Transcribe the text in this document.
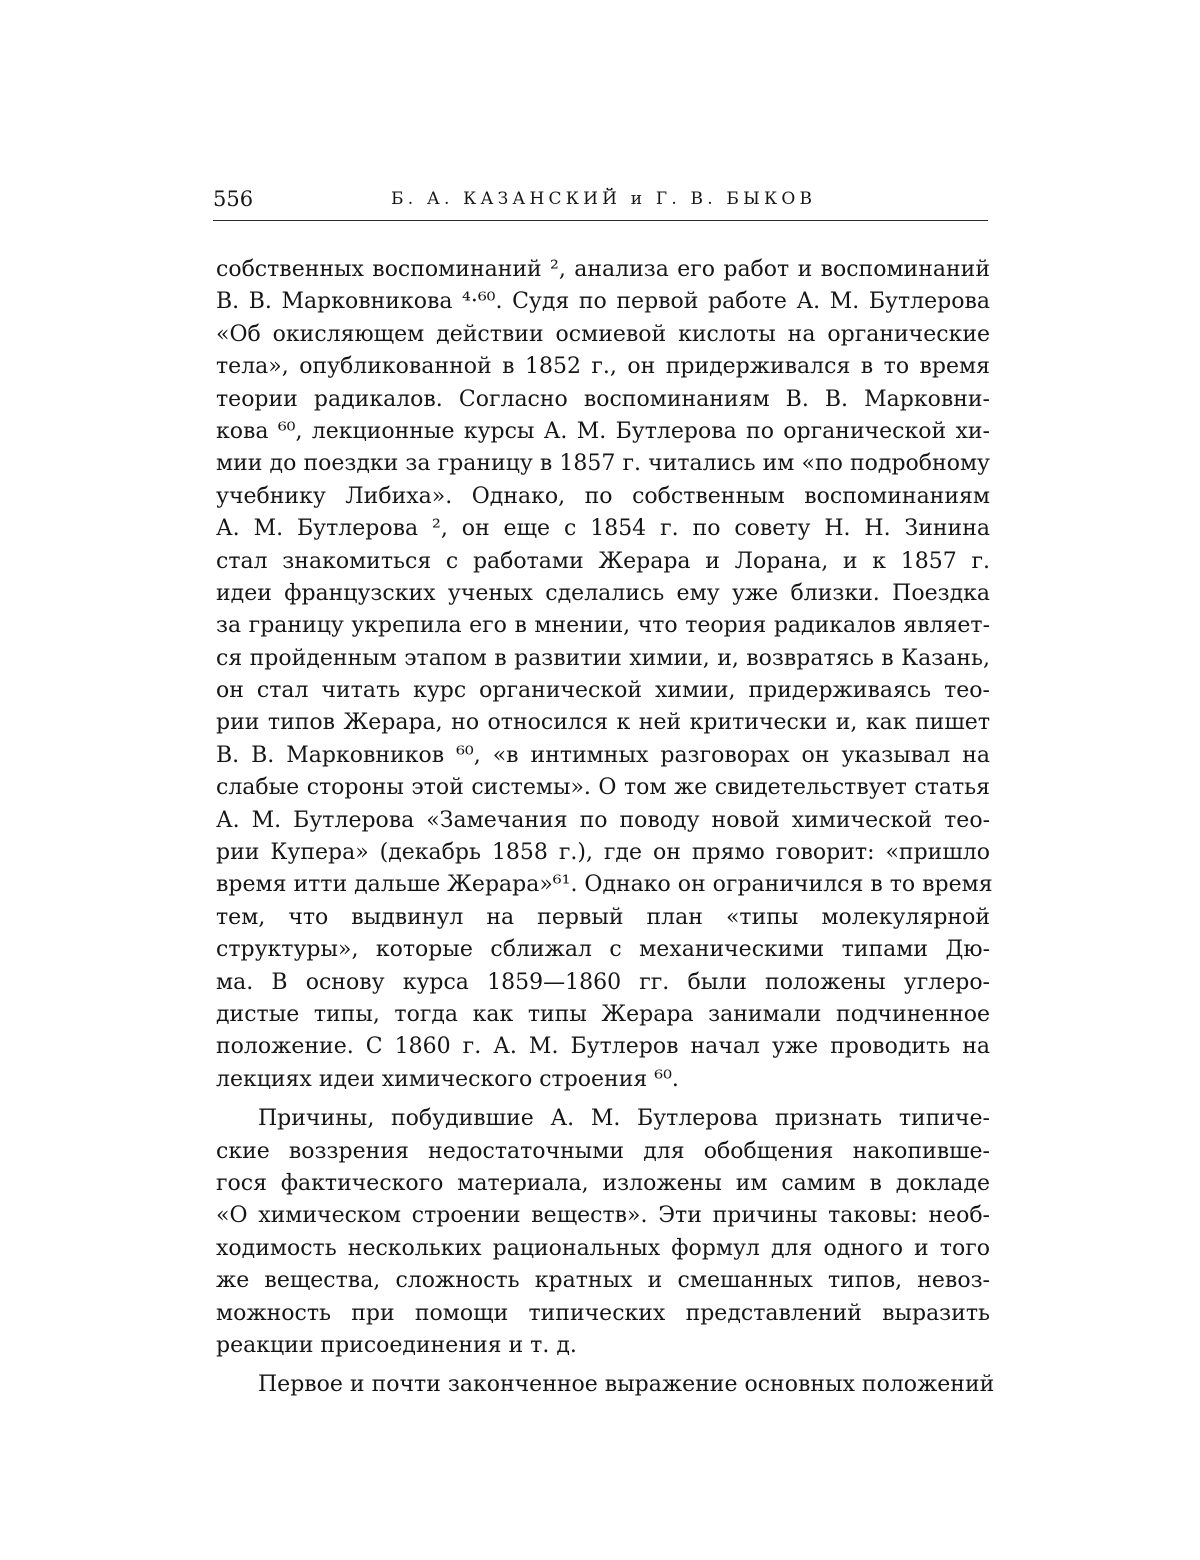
556	Б. А. КАЗАНСКИЙ и Г. В. БЫКОВ
собственных воспоминаний ², анализа его работ и воспоминаний
В. В. Марковникова ⁴·⁶⁰. Судя по первой работе А. М. Бутлерова
«Об окисляющем действии осмиевой кислоты на органические
тела», опубликованной в 1852 г., он придерживался в то время
теории радикалов. Согласно воспоминаниям В. В. Марковни-
кова ⁶⁰, лекционные курсы А. М. Бутлерова по органической хи-
мии до поездки за границу в 1857 г. читались им «по подробному
учебнику Либиха». Однако, по собственным воспоминаниям
А. М. Бутлерова ², он еще с 1854 г. по совету Н. Н. Зинина
стал знакомиться с работами Жерара и Лорана, и к 1857 г.
идеи французских ученых сделались ему уже близки. Поездка
за границу укрепила его в мнении, что теория радикалов являет-
ся пройденным этапом в развитии химии, и, возвратясь в Казань,
он стал читать курс органической химии, придерживаясь тео-
рии типов Жерара, но относился к ней критически и, как пишет
В. В. Марковников ⁶⁰, «в интимных разговорах он указывал на
слабые стороны этой системы». О том же свидетельствует статья
А. М. Бутлерова «Замечания по поводу новой химической тео-
рии Купера» (декабрь 1858 г.), где он прямо говорит: «пришло
время итти дальше Жерара»⁶¹. Однако он ограничился в то время
тем, что выдвинул на первый план «типы молекулярной
структуры», которые сближал с механическими типами Дю-
ма. В основу курса 1859—1860 гг. были положены углеро-
дистые типы, тогда как типы Жерара занимали подчиненное
положение. С 1860 г. А. М. Бутлеров начал уже проводить на
лекциях идеи химического строения ⁶⁰.
Причины, побудившие А. М. Бутлерова признать типиче-
ские воззрения недостаточными для обобщения накопивше-
гося фактического материала, изложены им самим в докладе
«О химическом строении веществ». Эти причины таковы: необ-
ходимость нескольких рациональных формул для одного и того
же вещества, сложность кратных и смешанных типов, невоз-
можность при помощи типических представлений выразить
реакции присоединения и т. д.
Первое и почти законченное выражение основных положений
